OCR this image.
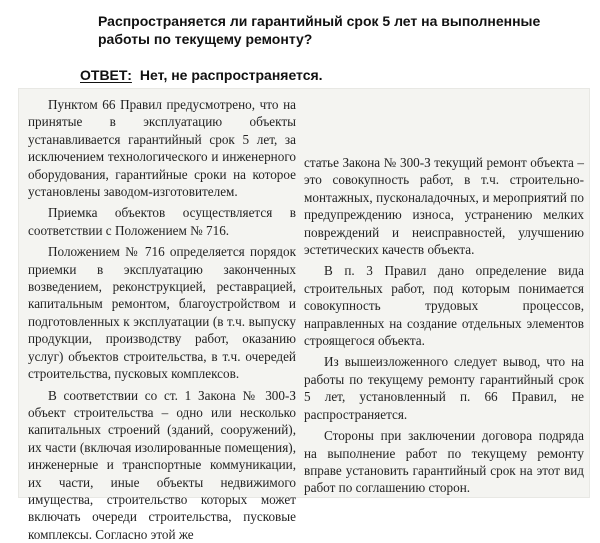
Распространяется ли гарантийный срок 5 лет на выполненные работы по текущему ремонту?
ОТВЕТ: Нет, не распространяется.

Пунктом 66 Правил предусмотрено, что на принятые в эксплуатацию объекты устанавливается гарантийный срок 5 лет, за исключением технологического и инженерного оборудования, гарантийные сроки на которое установлены заводом-изготовителем.

Приемка объектов осуществляется в соответствии с Положением № 716.

Положением № 716 определяется порядок приемки в эксплуатацию законченных возведением, реконструкцией, реставрацией, капитальным ремонтом, благоустройством и подготовленных к эксплуатации (в т.ч. выпуску продукции, производству работ, оказанию услуг) объектов строительства, в т.ч. очередей строительства, пусковых комплексов.

В соответствии со ст. 1 Закона № 300-З объект строительства – одно или несколько капитальных строений (зданий, сооружений), их части (включая изолированные помещения), инженерные и транспортные коммуникации, их части, иные объекты недвижимого имущества, строительство которых может включать очереди строительства, пусковые комплексы. Согласно этой же

статье Закона № 300-З текущий ремонт объекта – это совокупность работ, в т.ч. строительно-монтажных, пусконаладочных, и мероприятий по предупреждению износа, устранению мелких повреждений и неисправностей, улучшению эстетических качеств объекта.

В п. 3 Правил дано определение вида строительных работ, под которым понимается совокупность трудовых процессов, направленных на создание отдельных элементов строящегося объекта.

Из вышеизложенного следует вывод, что на работы по текущему ремонту гарантийный срок 5 лет, установленный п. 66 Правил, не распространяется.

Стороны при заключении договора подряда на выполнение работ по текущему ремонту вправе установить гарантийный срок на этот вид работ по соглашению сторон.
